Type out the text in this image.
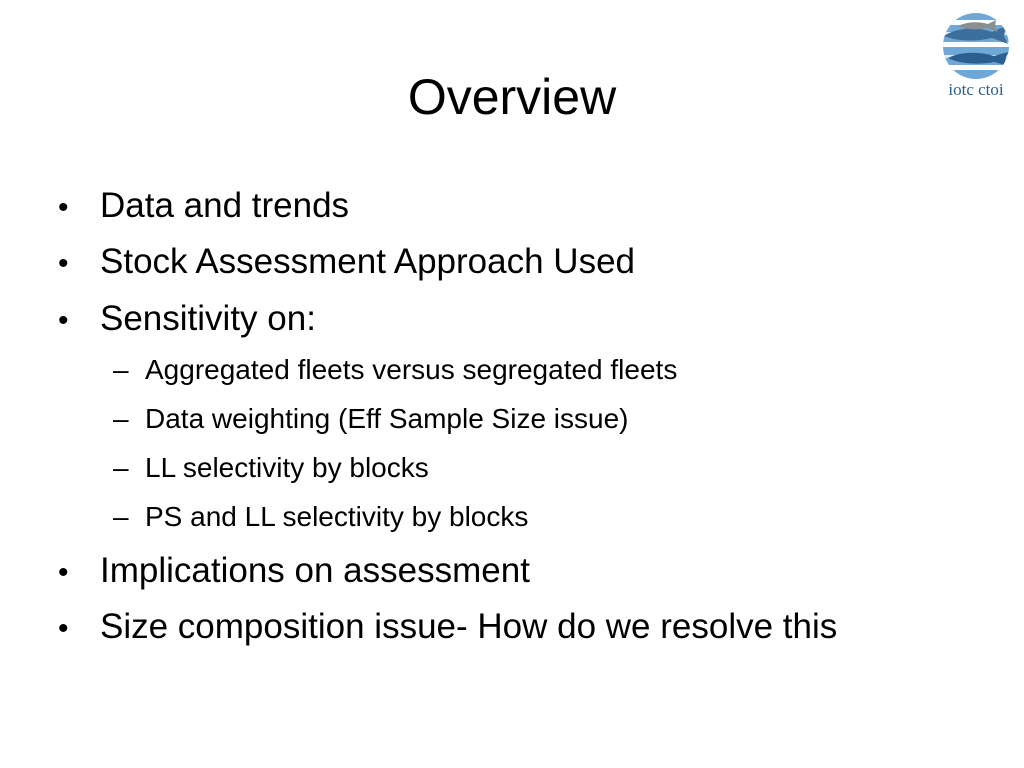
Overview	iotc ctoi
• Data and trends
• Stock Assessment Approach Used
• Sensitivity on:
– Aggregated fleets versus segregated fleets
– Data weighting (Eff Sample Size issue)
– LL selectivity by blocks
– PS and LL selectivity by blocks
• Implications on assessment
• Size composition issue- How do we resolve this
